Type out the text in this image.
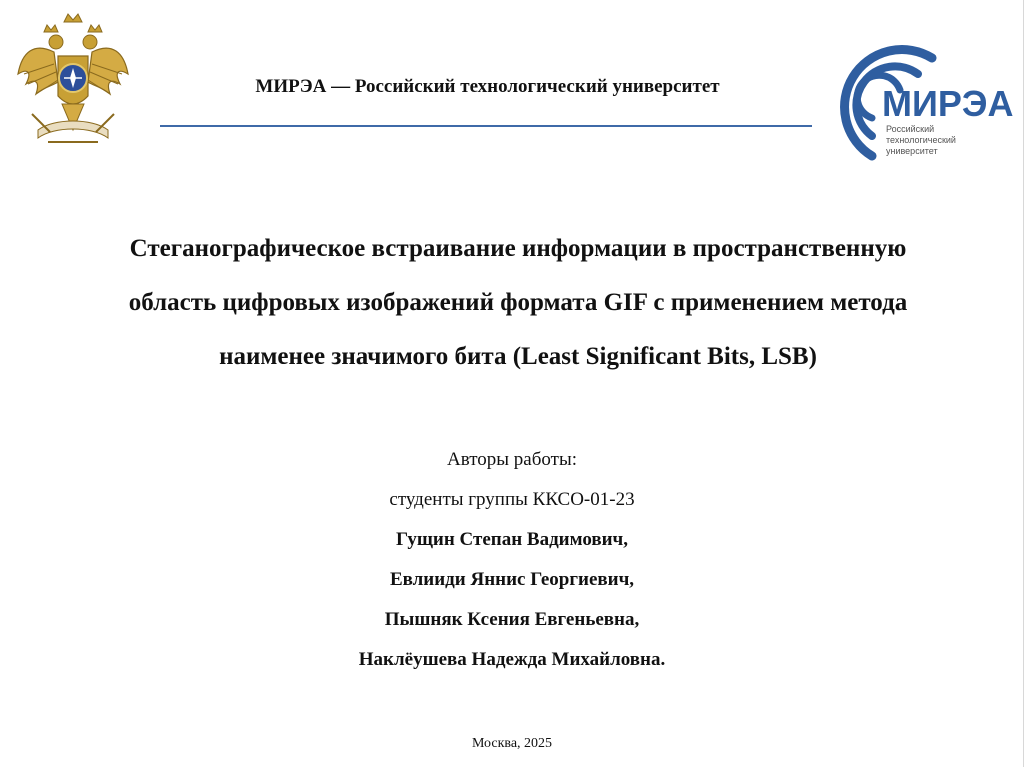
МИРЭА — Российский технологический университет	МИРЭА
Российский
технологический
университет
Стеганографическое встраивание информации в пространственную
область цифровых изображений формата GIF с применением метода
наименее значимого бита (Least Significant Bits, LSB)
Авторы работы:
студенты группы ККСО-01-23
Гущин Степан Вадимович,
Евлииди Яннис Георгиевич,
Пышняк Ксения Евгеньевна,
Наклёушева Надежда Михайловна.
Москва, 2025
